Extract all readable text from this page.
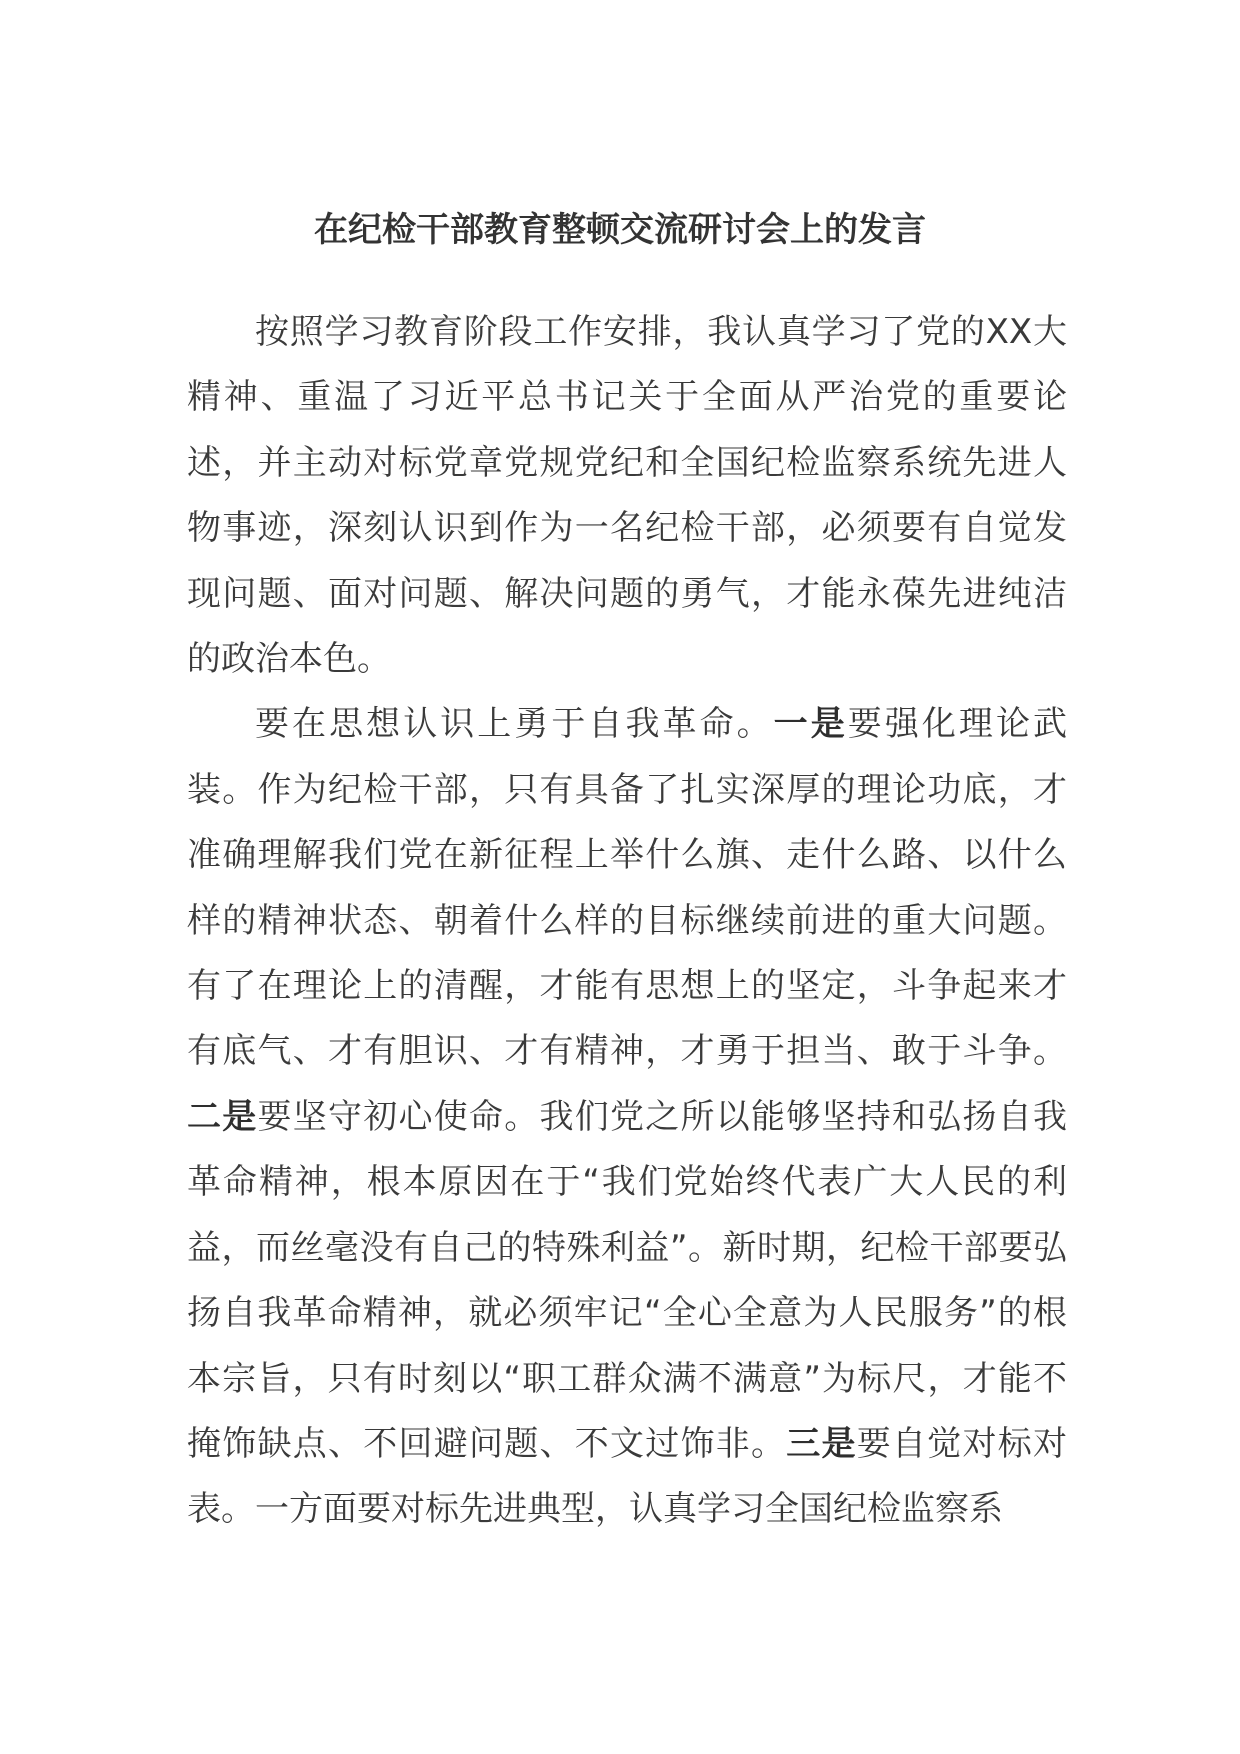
在纪检干部教育整顿交流研讨会上的发言

按照学习教育阶段工作安排，我认真学习了党的XX大精神、重温了习近平总书记关于全面从严治党的重要论述，并主动对标党章党规党纪和全国纪检监察系统先进人物事迹，深刻认识到作为一名纪检干部，必须要有自觉发现问题、面对问题、解决问题的勇气，才能永葆先进纯洁的政治本色。

要在思想认识上勇于自我革命。一是要强化理论武装。作为纪检干部，只有具备了扎实深厚的理论功底，才准确理解我们党在新征程上举什么旗、走什么路、以什么样的精神状态、朝着什么样的目标继续前进的重大问题。有了在理论上的清醒，才能有思想上的坚定，斗争起来才有底气、才有胆识、才有精神，才勇于担当、敢于斗争。二是要坚守初心使命。我们党之所以能够坚持和弘扬自我革命精神，根本原因在于“我们党始终代表广大人民的利益，而丝毫没有自己的特殊利益”。新时期，纪检干部要弘扬自我革命精神，就必须牢记“全心全意为人民服务”的根本宗旨，只有时刻以“职工群众满不满意”为标尺，才能不掩饰缺点、不回避问题、不文过饰非。三是要自觉对标对表。一方面要对标先进典型，认真学习全国纪检监察系
